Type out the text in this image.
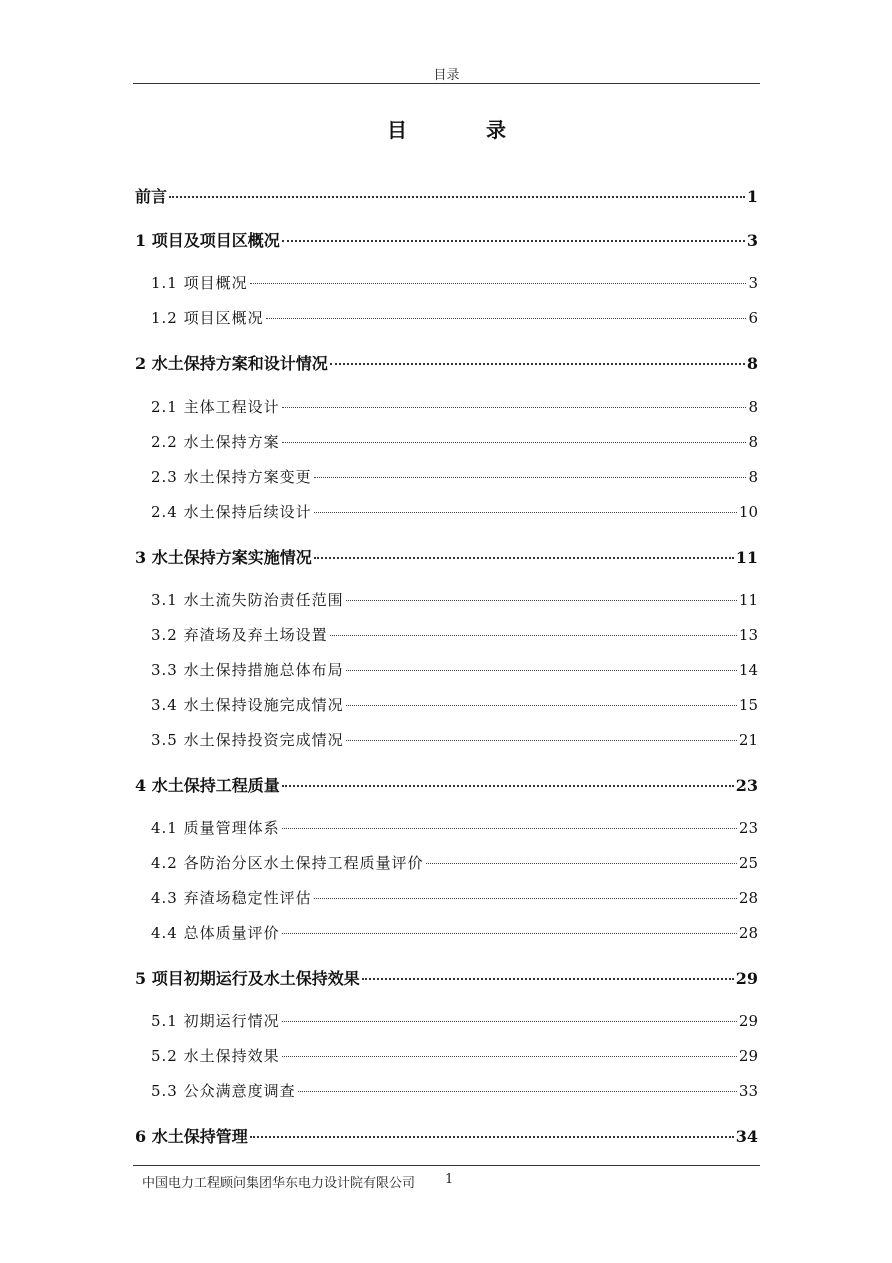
目录
目 录
前言	1
1 项目及项目区概况	3
1.1 项目概况	3
1.2 项目区概况	6
2 水土保持方案和设计情况	8
2.1 主体工程设计	8
2.2 水土保持方案	8
2.3 水土保持方案变更	8
2.4 水土保持后续设计	10
3 水土保持方案实施情况	11
3.1 水土流失防治责任范围	11
3.2 弃渣场及弃土场设置	13
3.3 水土保持措施总体布局	14
3.4 水土保持设施完成情况	15
3.5 水土保持投资完成情况	21
4 水土保持工程质量	23
4.1 质量管理体系	23
4.2 各防治分区水土保持工程质量评价	25
4.3 弃渣场稳定性评估	28
4.4 总体质量评价	28
5 项目初期运行及水土保持效果	29
5.1 初期运行情况	29
5.2 水土保持效果	29
5.3 公众满意度调查	33
6 水土保持管理	34
中国电力工程顾问集团华东电力设计院有限公司 1
